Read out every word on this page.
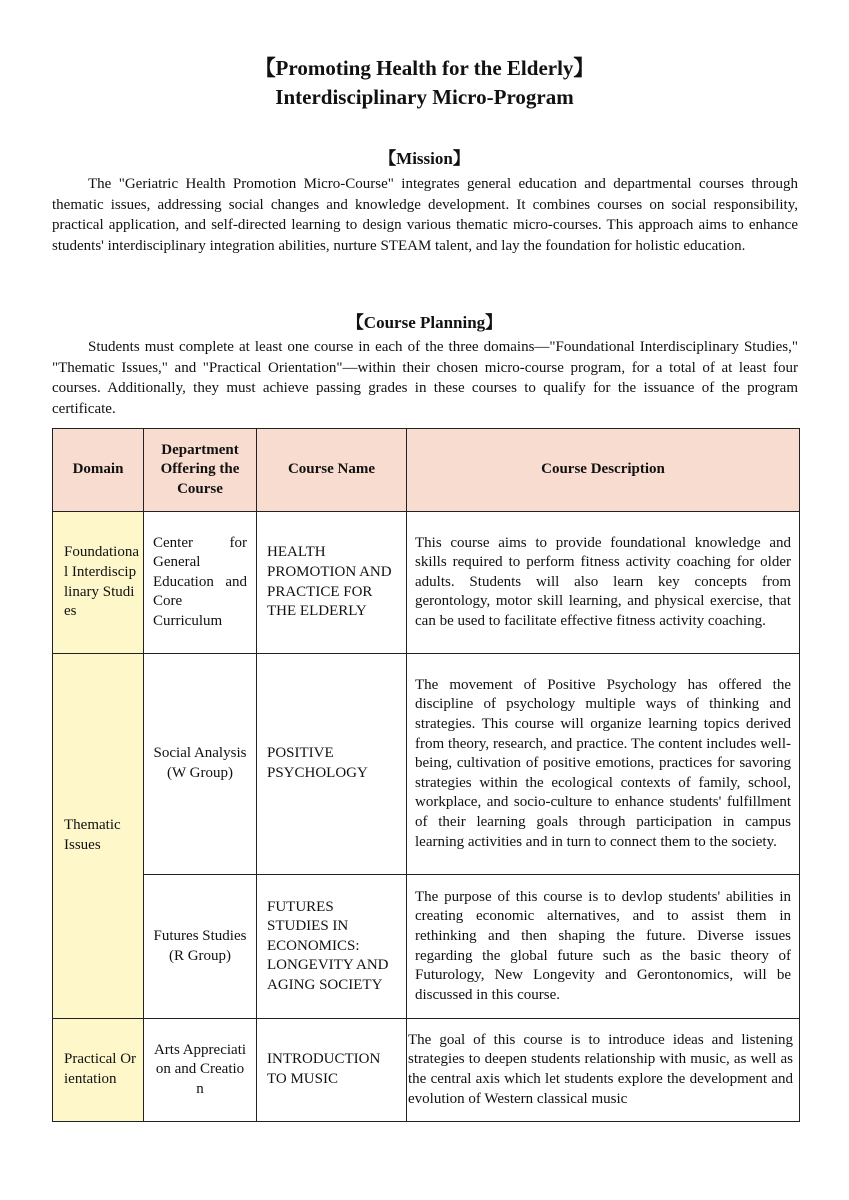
【Promoting Health for the Elderly】
Interdisciplinary Micro-Program
【Mission】

The "Geriatric Health Promotion Micro-Course" integrates general education and departmental courses through thematic issues, addressing social changes and knowledge development. It combines courses on social responsibility, practical application, and self-directed learning to design various thematic micro-courses. This approach aims to enhance students' interdisciplinary integration abilities, nurture STEAM talent, and lay the foundation for holistic education.

【Course Planning】

Students must complete at least one course in each of the three domains—"Foundational Interdisciplinary Studies," "Thematic Issues," and "Practical Orientation"—within their chosen micro-course program, for a total of at least four courses. Additionally, they must achieve passing grades in these courses to qualify for the issuance of the program certificate.

Domain	Department Offering the Course	Course Name	Course Description

Foundational Interdisciplinary Studies	Center for General Education and Core Curriculum	HEALTH PROMOTION AND PRACTICE FOR THE ELDERLY	This course aims to provide foundational knowledge and skills required to perform fitness activity coaching for older adults. Students will also learn key concepts from gerontology, motor skill learning, and physical exercise, that can be used to facilitate effective fitness activity coaching.

Thematic Issues	Social Analysis (W Group)	POSITIVE PSYCHOLOGY	The movement of Positive Psychology has offered the discipline of psychology multiple ways of thinking and strategies. This course will organize learning topics derived from theory, research, and practice. The content includes well-being, cultivation of positive emotions, practices for savoring strategies within the ecological contexts of family, school, workplace, and socio-culture to enhance students' fulfillment of their learning goals through participation in campus learning activities and in turn to connect them to the society.

	Futures Studies (R Group)	FUTURES STUDIES IN ECONOMICS: LONGEVITY AND AGING SOCIETY	The purpose of this course is to devlop students' abilities in creating economic alternatives, and to assist them in rethinking and then shaping the future. Diverse issues regarding the global future such as the basic theory of Futurology, New Longevity and Gerontonomics, will be discussed in this course.

Practical Orientation	Arts Appreciation and Creation	INTRODUCTION TO MUSIC	The goal of this course is to introduce ideas and listening strategies to deepen students relationship with music, as well as the central axis which let students explore the development and evolution of Western classical music
